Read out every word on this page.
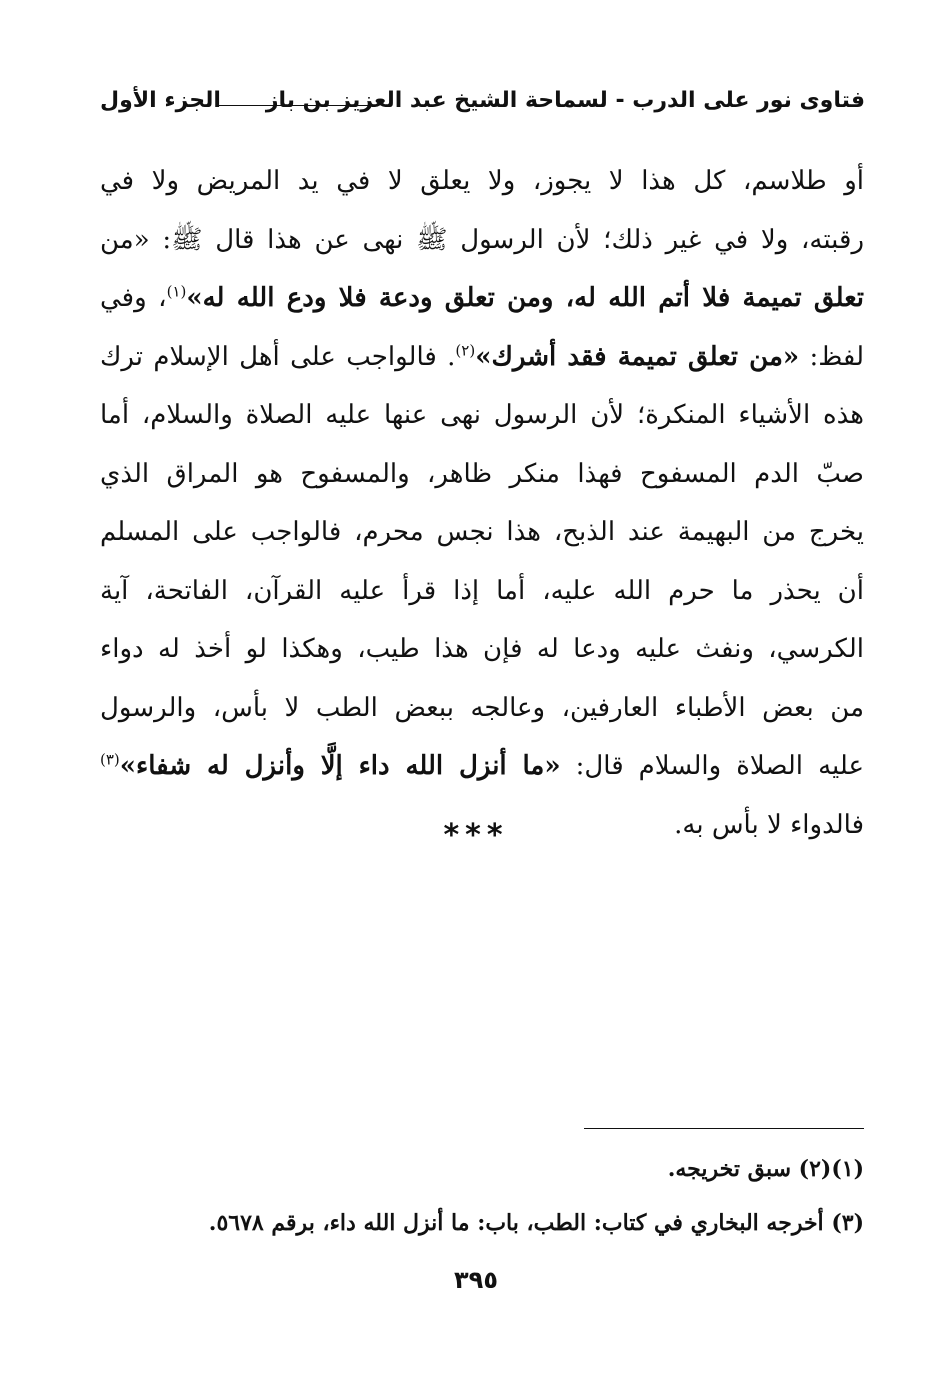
فتاوى نور على الدرب - لسماحة الشيخ عبد العزيز بن باز
الجزء الأول
أو طلاسم، كل هذا لا يجوز، ولا يعلق لا في يد المريض ولا في
رقبته، ولا في غير ذلك؛ لأن الرسول ﷺ نهى عن هذا قال ﷺ: «من
تعلق تميمة فلا أتم الله له، ومن تعلق ودعة فلا ودع الله له»$^{(١)}$، وفي
لفظ: «من تعلق تميمة فقد أشرك»$^{(٢)}$. فالواجب على أهل الإسلام ترك
هذه الأشياء المنكرة؛ لأن الرسول نهى عنها عليه الصلاة والسلام، أما
صبّ الدم المسفوح فهذا منكر ظاهر، والمسفوح هو المراق الذي
يخرج من البهيمة عند الذبح، هذا نجس محرم، فالواجب على المسلم
أن يحذر ما حرم الله عليه، أما إذا قرأ عليه القرآن، الفاتحة، آية
الكرسي، ونفث عليه ودعا له فإن هذا طيب، وهكذا لو أخذ له دواء
من بعض الأطباء العارفين، وعالجه ببعض الطب لا بأس، والرسول
عليه الصلاة والسلام قال: «ما أنزل الله داء إلَّا وأنزل له شفاء»$^{(٣)}$
فالدواء لا بأس به.
***
(١)(٢) سبق تخريجه.
(٣) أخرجه البخاري في كتاب: الطب، باب: ما أنزل الله داء، برقم ٥٦٧٨.
٣٩٥
